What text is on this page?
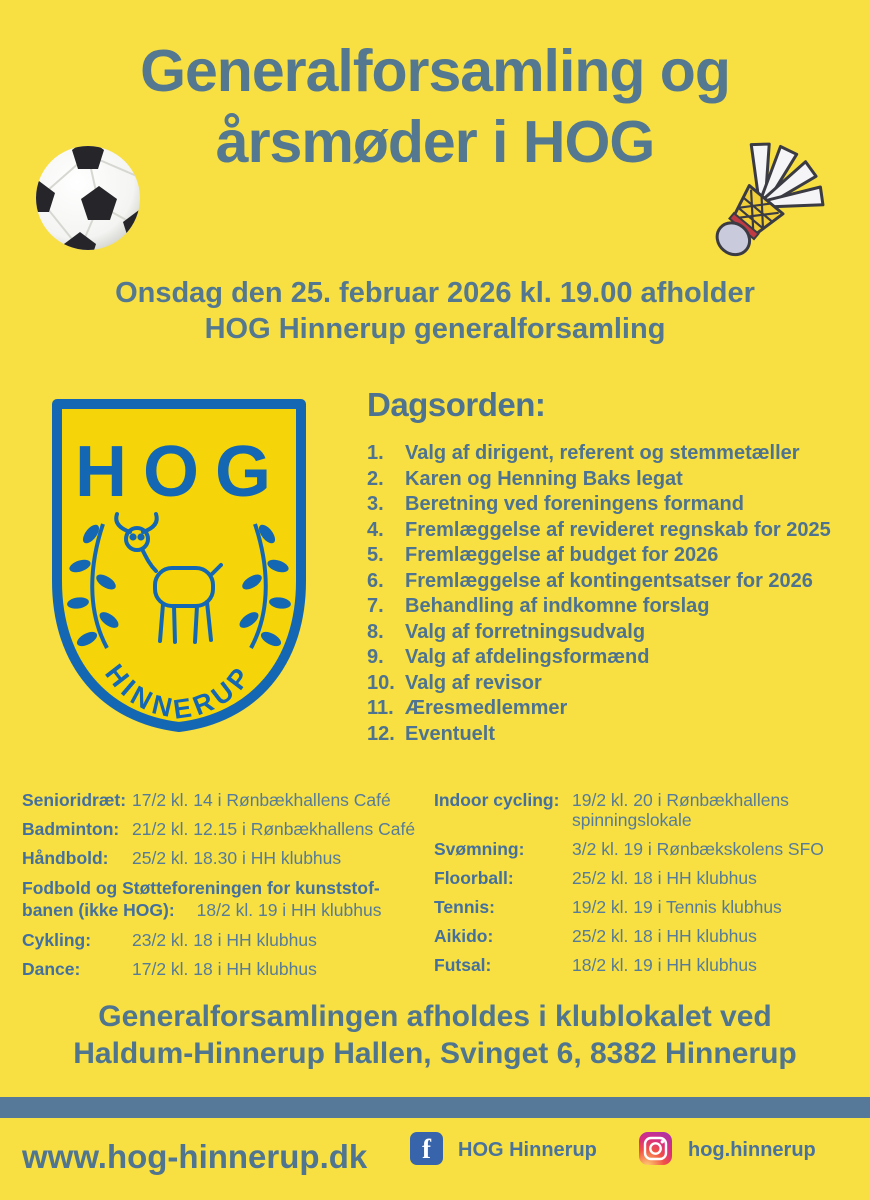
Generalforsamling og
årsmøder i HOG
Onsdag den 25. februar 2026 kl. 19.00 afholder
HOG Hinnerup generalforsamling
HOG
HINNERUP
Dagsorden:
1.	Valg af dirigent, referent og stemmetæller
2.	Karen og Henning Baks legat
3.	Beretning ved foreningens formand
4.	Fremlæggelse af revideret regnskab for 2025
5.	Fremlæggelse af budget for 2026
6.	Fremlæggelse af kontingentsatser for 2026
7.	Behandling af indkomne forslag
8.	Valg af forretningsudvalg
9.	Valg af afdelingsformænd
10. Valg af revisor
11. Æresmedlemmer
12. Eventuelt
Senioridræt: 17/2 kl. 14 i Rønbækhallens Café
Badminton: 21/2 kl. 12.15 i Rønbækhallens Café
Håndbold:	25/2 kl. 18.30 i HH klubhus
Fodbold og Støtteforeningen for kunststof-
banen (ikke HOG): 18/2 kl. 19 i HH klubhus
Cykling:	23/2 kl. 18 i HH klubhus
Dance:	17/2 kl. 18 i HH klubhus
Indoor cycling: 19/2 kl. 20 i Rønbækhallens spinningslokale
Svømning:	3/2 kl. 19 i Rønbækskolens SFO
Floorball:	25/2 kl. 18 i HH klubhus
Tennis:	19/2 kl. 19 i Tennis klubhus
Aikido:	25/2 kl. 18 i HH klubhus
Futsal:	18/2 kl. 19 i HH klubhus
Generalforsamlingen afholdes i klublokalet ved
Haldum-Hinnerup Hallen, Svinget 6, 8382 Hinnerup
www.hog-hinnerup.dk	f	HOG Hinnerup	hog.hinnerup
